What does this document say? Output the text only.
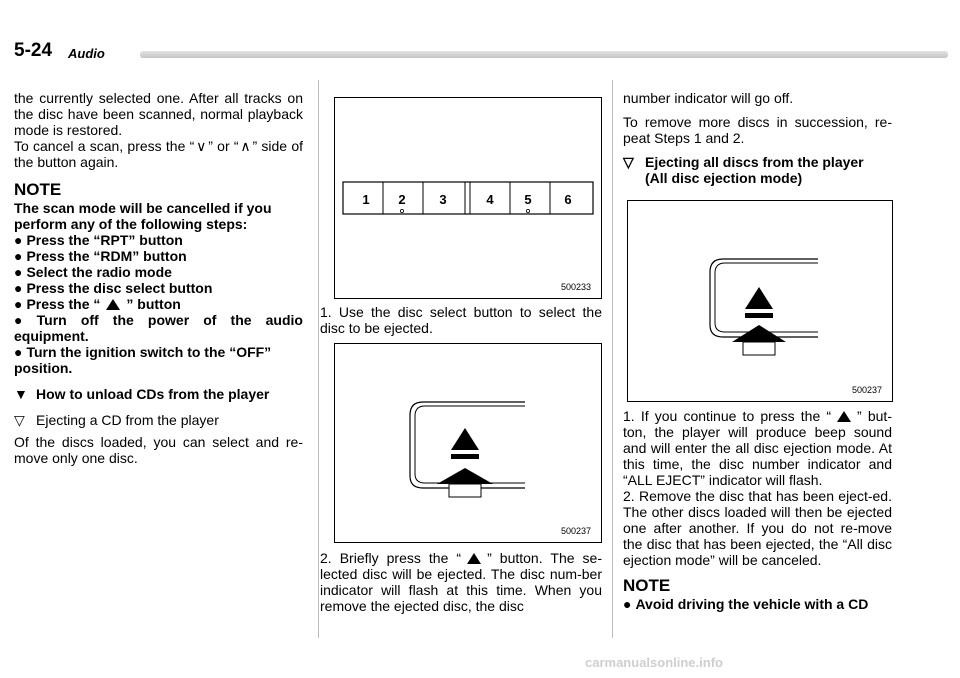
5-24 Audio

the currently selected one. After all tracks on the disc have been scanned, normal playback mode is restored.

To cancel a scan, press the “ ∨ ” or “ ∧ ” side of the button again.

NOTE

The scan mode will be cancelled if you perform any of the following steps:

● Press the “RPT” button

● Press the “RDM” button

● Select the radio mode

● Press the disc select button

● Press the “ ” button

● Turn off the power of the audio equipment.

● Turn the ignition switch to the “OFF” position.

▼ How to unload CDs from the player

▽ Ejecting a CD from the player

Of the discs loaded, you can select and re-move only one disc.

1 2	3	4 5	6
500233

1. Use the disc select button to select the disc to be ejected.

500237

2. Briefly press the “ ” button. The se-lected disc will be ejected. The disc num-ber indicator will flash at this time. When you remove the ejected disc, the disc

number indicator will go off.

To remove more discs in succession, re-peat Steps 1 and 2.

▽ Ejecting all discs from the player

(All disc ejection mode)

500237

1. If you continue to press the “ ” but-ton, the player will produce beep sound and will enter the all disc ejection mode. At this time, the disc number indicator and “ALL EJECT” indicator will flash.

2. Remove the disc that has been eject-ed. The other discs loaded will then be ejected one after another. If you do not re-move the disc that has been ejected, the “All disc ejection mode” will be canceled.

NOTE

● Avoid driving the vehicle with a CD

carmanualsonline.info
